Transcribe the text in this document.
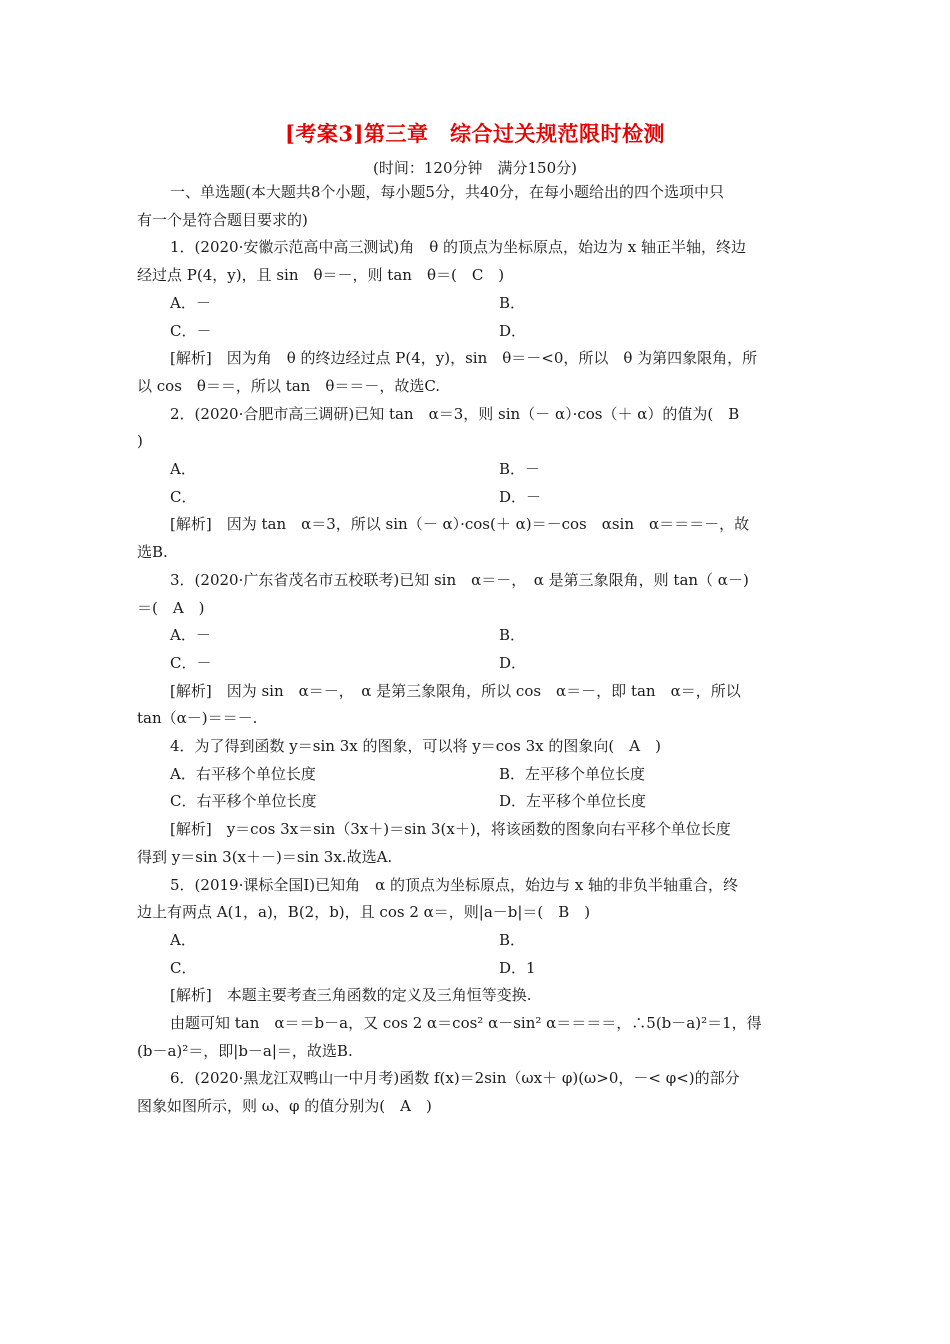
[考案3]第三章　综合过关规范限时检测
(时间：120分钟　满分150分)
一、单选题(本大题共8个小题，每小题5分，共40分，在每小题给出的四个选项中只
有一个是符合题目要求的)
1．(2020·安徽示范高中高三测试)角　θ 的顶点为坐标原点，始边为 x 轴正半轴，终边
经过点 P(4，y)，且 sin　θ＝－，则 tan　θ＝(　C　)
A．－	B．
C．－	D．
[解析]　因为角　θ 的终边经过点 P(4，y)，sin　θ＝－<0，所以　θ 为第四象限角，所
以 cos　θ＝＝，所以 tan　θ＝＝－，故选C.
2．(2020·合肥市高三调研)已知 tan　α＝3，则 sin（－ α）·cos（＋ α）的值为(　B
)
A．	B．－
C．	D．－
[解析]　因为 tan　α＝3，所以 sin（－ α）·cos(＋ α)＝－cos　αsin　α＝＝＝－，故
选B.
3．(2020·广东省茂名市五校联考)已知 sin　α＝－，　α 是第三象限角，则 tan（ α－)
＝(　A　)
A．－	B．
C．－	D．
[解析]　因为 sin　α＝－，　α 是第三象限角，所以 cos　α＝－，即 tan　α＝，所以
tan（α－)＝＝－.
4．为了得到函数 y＝sin 3x 的图象，可以将 y＝cos 3x 的图象向(　A　)
A．右平移个单位长度	B．左平移个单位长度
C．右平移个单位长度	D．左平移个单位长度
[解析]　y＝cos 3x＝sin（3x＋)＝sin 3(x＋)，将该函数的图象向右平移个单位长度
得到 y＝sin 3(x＋－)＝sin 3x.故选A.
5．(2019·课标全国Ⅰ)已知角　α 的顶点为坐标原点，始边与 x 轴的非负半轴重合，终
边上有两点 A(1，a)，B(2，b)，且 cos 2 α＝，则|a－b|＝(　B　)
A．	B．
C．	D．1
[解析]　本题主要考查三角函数的定义及三角恒等变换.
由题可知 tan　α＝＝b－a，又 cos 2 α＝cos² α－sin² α＝＝＝＝，∴5(b－a)²＝1，得
(b－a)²＝，即|b－a|＝，故选B.
6．(2020·黑龙江双鸭山一中月考)函数 f(x)＝2sin（ωx＋ φ)(ω>0，－< φ<)的部分
图象如图所示，则 ω、φ 的值分别为(　A　)
